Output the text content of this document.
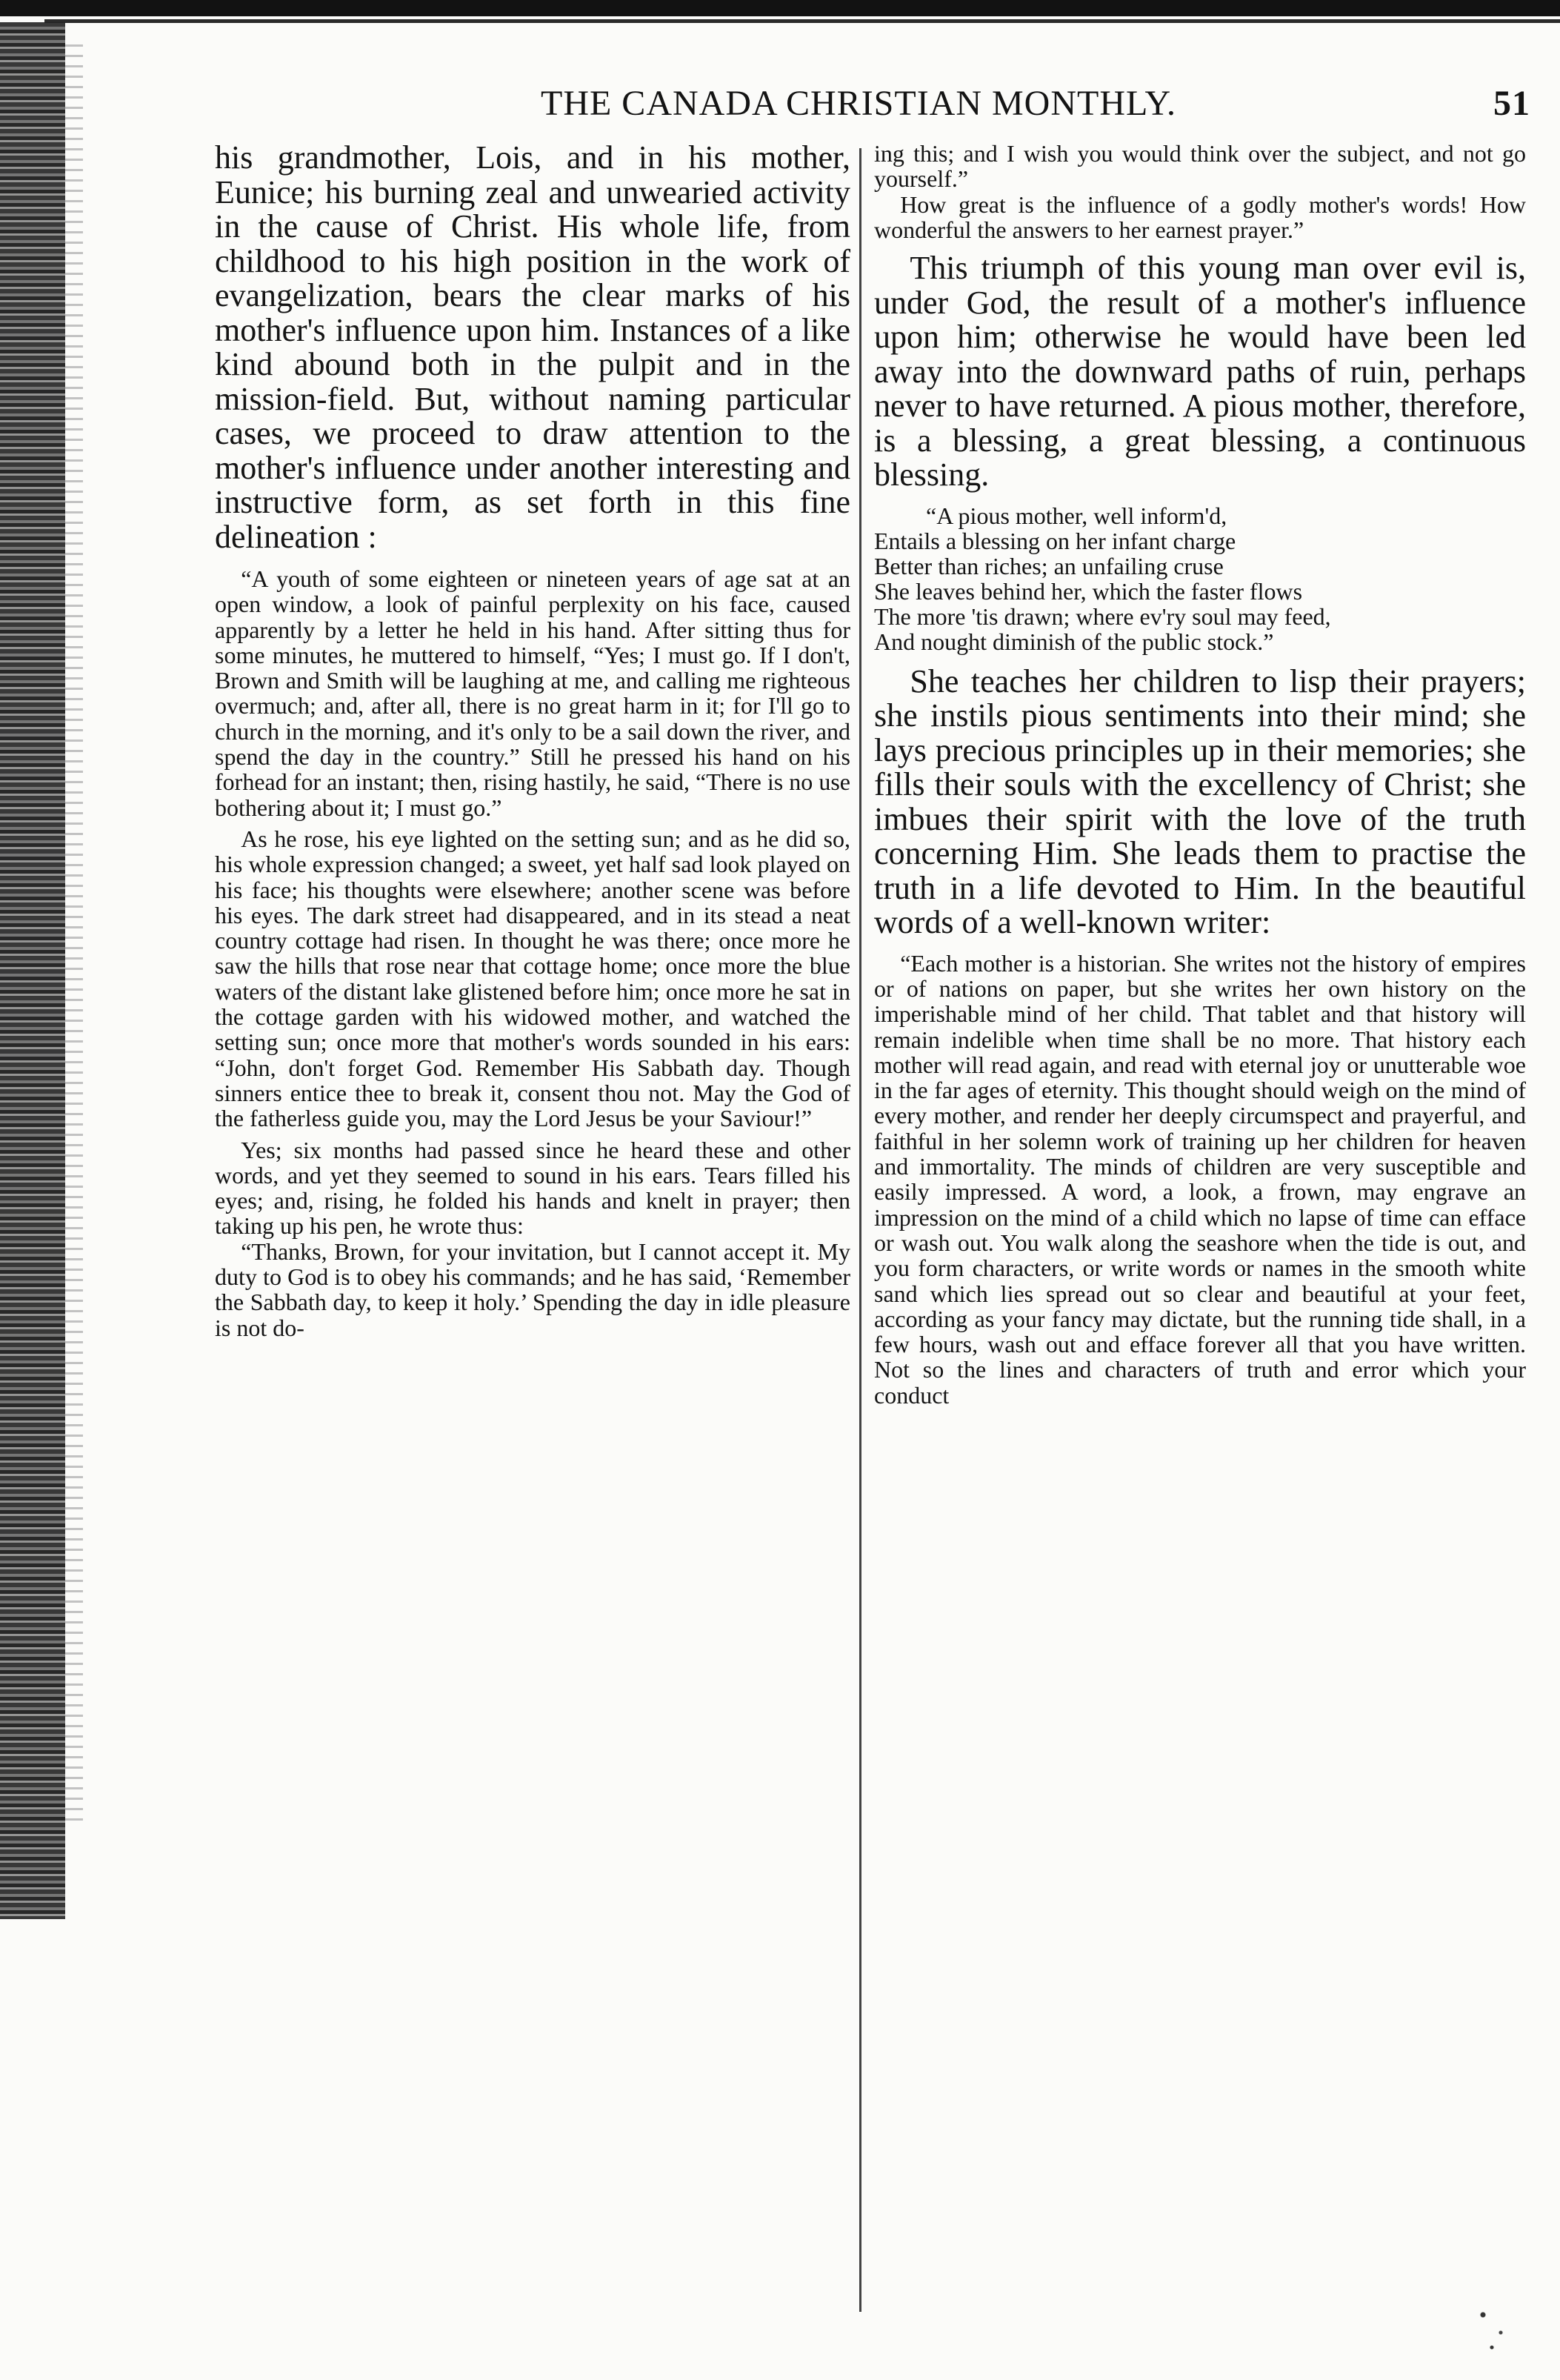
THE CANADA CHRISTIAN MONTHLY.	51

his grandmother, Lois, and in his mother, Eunice; his burning zeal and unwearied activity in the cause of Christ. His whole life, from childhood to his high position in the work of evangelization, bears the clear marks of his mother's influence upon him. Instances of a like kind abound both in the pulpit and in the mission-field. But, without naming particular cases, we proceed to draw attention to the mother's influence under another interesting and instructive form, as set forth in this fine delineation :

“A youth of some eighteen or nineteen years of age sat at an open window, a look of painful perplexity on his face, caused apparently by a letter he held in his hand. After sitting thus for some minutes, he muttered to himself, “Yes; I must go. If I don't, Brown and Smith will be laughing at me, and calling me righteous overmuch; and, after all, there is no great harm in it; for I'll go to church in the morning, and it's only to be a sail down the river, and spend the day in the country.” Still he pressed his hand on his forhead for an instant; then, rising hastily, he said, “There is no use bothering about it; I must go.”

As he rose, his eye lighted on the setting sun; and as he did so, his whole expression changed; a sweet, yet half sad look played on his face; his thoughts were elsewhere; another scene was before his eyes. The dark street had disappeared, and in its stead a neat country cottage had risen. In thought he was there; once more he saw the hills that rose near that cottage home; once more the blue waters of the distant lake glistened before him; once more he sat in the cottage garden with his widowed mother, and watched the setting sun; once more that mother's words sounded in his ears: “John, don't forget God. Remember His Sabbath day. Though sinners entice thee to break it, consent thou not. May the God of the fatherless guide you, may the Lord Jesus be your Saviour!”

Yes; six months had passed since he heard these and other words, and yet they seemed to sound in his ears. Tears filled his eyes; and, rising, he folded his hands and knelt in prayer; then taking up his pen, he wrote thus:

“Thanks, Brown, for your invitation, but I cannot accept it. My duty to God is to obey his commands; and he has said, ‘Remember the Sabbath day, to keep it holy.’ Spending the day in idle pleasure is not do-

ing this; and I wish you would think over the subject, and not go yourself.”

How great is the influence of a godly mother's words! How wonderful the answers to her earnest prayer.”

This triumph of this young man over evil is, under God, the result of a mother's influence upon him; otherwise he would have been led away into the downward paths of ruin, perhaps never to have returned. A pious mother, therefore, is a blessing, a great blessing, a continuous blessing.

“A pious mother, well inform'd,
Entails a blessing on her infant charge
Better than riches; an unfailing cruse
She leaves behind her, which the faster flows
The more 'tis drawn; where ev'ry soul may feed,
And nought diminish of the public stock.”

She teaches her children to lisp their prayers; she instils pious sentiments into their mind; she lays precious principles up in their memories; she fills their souls with the excellency of Christ; she imbues their spirit with the love of the truth concerning Him. She leads them to practise the truth in a life devoted to Him. In the beautiful words of a well-known writer:

“Each mother is a historian. She writes not the history of empires or of nations on paper, but she writes her own history on the imperishable mind of her child. That tablet and that history will remain indelible when time shall be no more. That history each mother will read again, and read with eternal joy or unutterable woe in the far ages of eternity. This thought should weigh on the mind of every mother, and render her deeply circumspect and prayerful, and faithful in her solemn work of training up her children for heaven and immortality. The minds of children are very susceptible and easily impressed. A word, a look, a frown, may engrave an impression on the mind of a child which no lapse of time can efface or wash out. You walk along the seashore when the tide is out, and you form characters, or write words or names in the smooth white sand which lies spread out so clear and beautiful at your feet, according as your fancy may dictate, but the running tide shall, in a few hours, wash out and efface forever all that you have written. Not so the lines and characters of truth and error which your conduct
